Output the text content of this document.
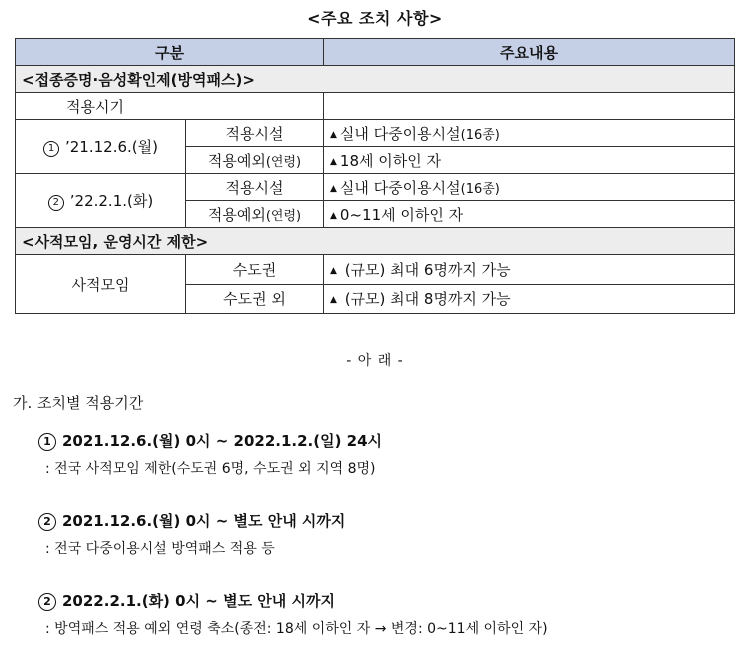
<주요 조치 사항>
구분		주요내용
<접종증명·음성확인제(방역패스)>		
적용시기		
1 ’21.12.6.(월)	적용시설	▲ 실내 다중이용시설(16종)
	적용예외(연령)	▲ 18세 이하인 자
2 ’22.2.1.(화)	적용시설	▲ 실내 다중이용시설(16종)
	적용예외(연령)	▲ 0~11세 이하인 자
<사적모임, 운영시간 제한>		
사적모임	수도권	▲ (규모) 최대 6명까지 가능
	수도권 외	▲ (규모) 최대 8명까지 가능
- 아 래 -
가. 조치별 적용기간
1 2021.12.6.(월) 0시 ~ 2022.1.2.(일) 24시
: 전국 사적모임 제한(수도권 6명, 수도권 외 지역 8명)
2 2021.12.6.(월) 0시 ~ 별도 안내 시까지
: 전국 다중이용시설 방역패스 적용 등
2 2022.2.1.(화) 0시 ~ 별도 안내 시까지
: 방역패스 적용 예외 연령 축소(종전: 18세 이하인 자 → 변경: 0~11세 이하인 자)
